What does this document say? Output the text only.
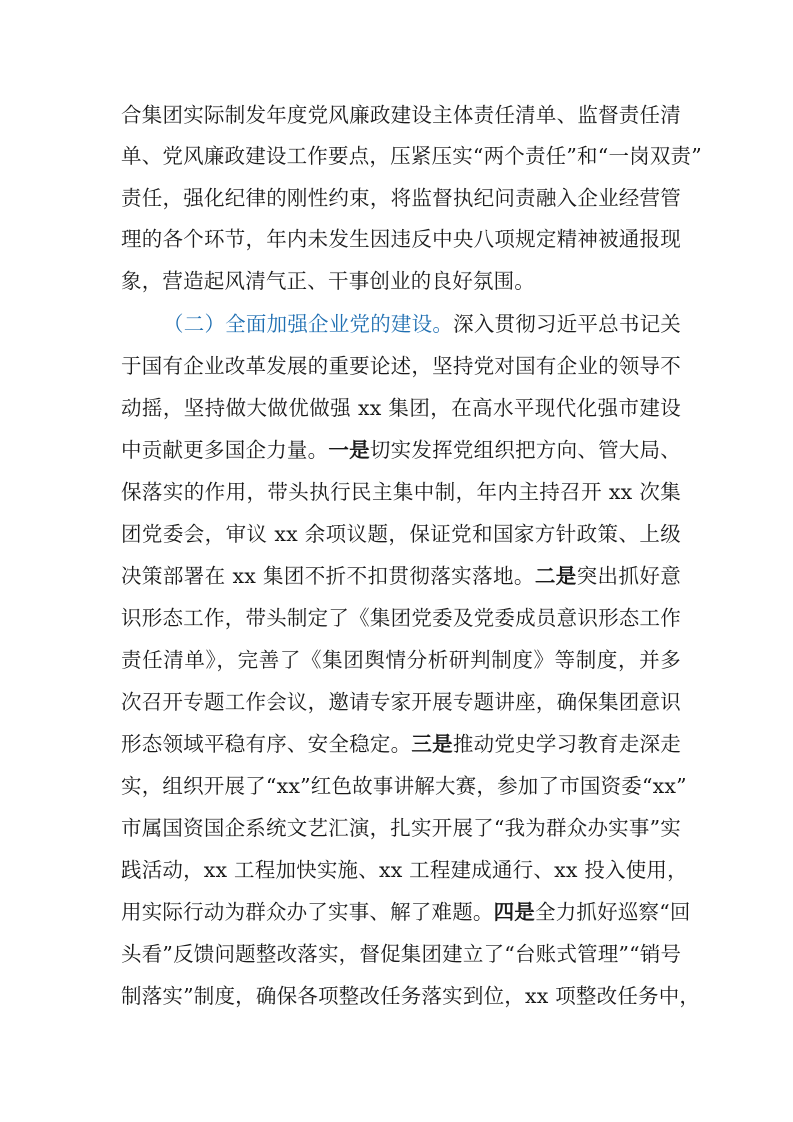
合集团实际制发年度党风廉政建设主体责任清单、监督责任清
单、党风廉政建设工作要点，压紧压实“两个责任”和“一岗双责”
责任，强化纪律的刚性约束，将监督执纪问责融入企业经营管
理的各个环节，年内未发生因违反中央八项规定精神被通报现
象，营造起风清气正、干事创业的良好氛围。
（二）全面加强企业党的建设。深入贯彻习近平总书记关
于国有企业改革发展的重要论述，坚持党对国有企业的领导不
动摇，坚持做大做优做强 xx 集团，在高水平现代化强市建设
中贡献更多国企力量。一是切实发挥党组织把方向、管大局、
保落实的作用，带头执行民主集中制，年内主持召开 xx 次集
团党委会，审议 xx 余项议题，保证党和国家方针政策、上级
决策部署在 xx 集团不折不扣贯彻落实落地。二是突出抓好意
识形态工作，带头制定了《集团党委及党委成员意识形态工作
责任清单》，完善了《集团舆情分析研判制度》等制度，并多
次召开专题工作会议，邀请专家开展专题讲座，确保集团意识
形态领域平稳有序、安全稳定。三是推动党史学习教育走深走
实，组织开展了“xx”红色故事讲解大赛，参加了市国资委“xx”
市属国资国企系统文艺汇演，扎实开展了“我为群众办实事”实
践活动，xx 工程加快实施、xx 工程建成通行、xx 投入使用，
用实际行动为群众办了实事、解了难题。四是全力抓好巡察“回
头看”反馈问题整改落实，督促集团建立了“台账式管理”“销号
制落实”制度，确保各项整改任务落实到位，xx 项整改任务中，
